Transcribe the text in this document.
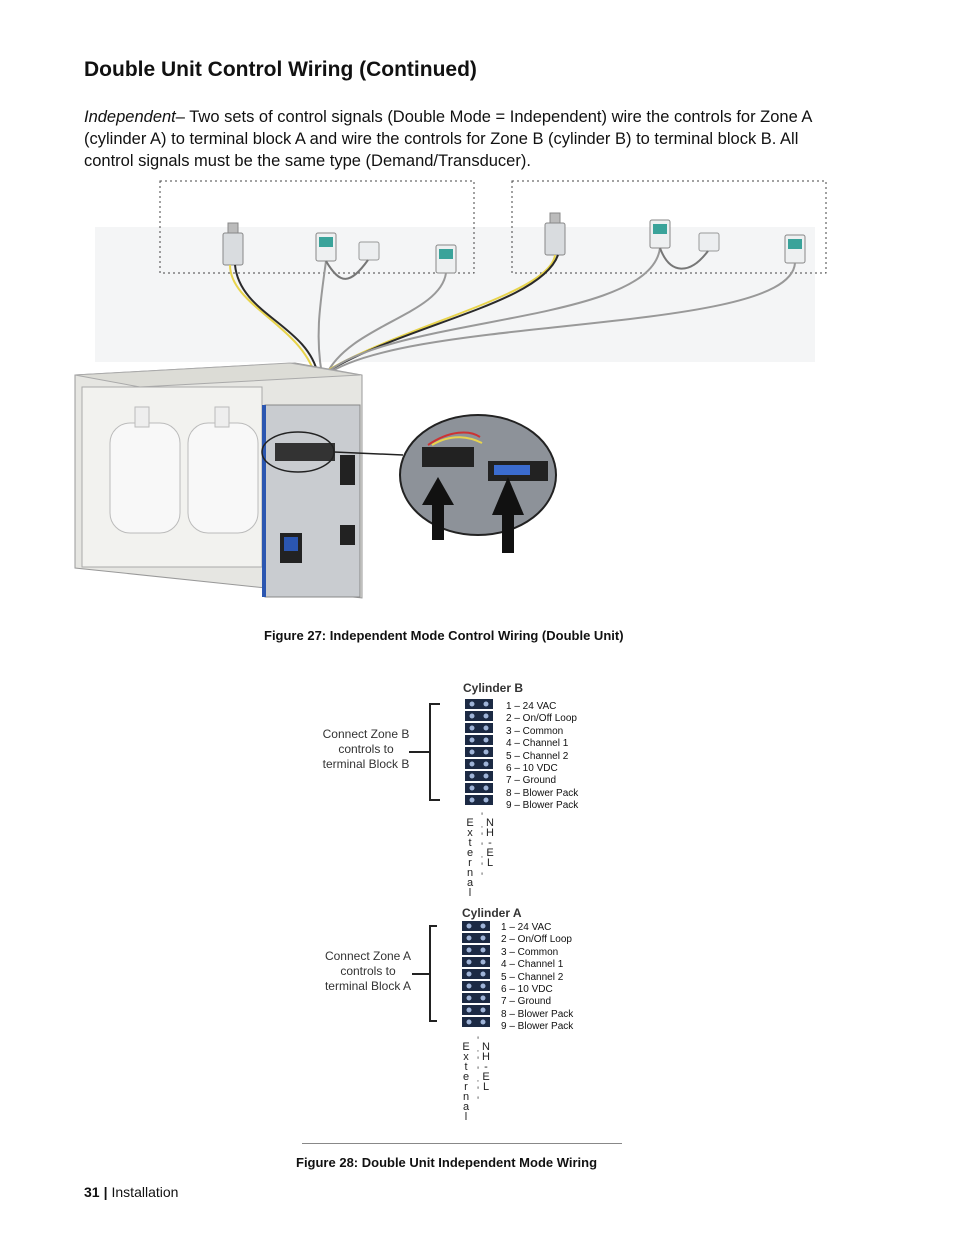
Double Unit Control Wiring (Continued)
Independent– Two sets of control signals (Double Mode = Independent) wire the controls for Zone A (cylinder A) to terminal block A and wire the controls for Zone B (cylinder B) to terminal block B. All control signals must be the same type (Demand/Transducer).
Figure 27: Independent Mode Control Wiring (Double Unit)
Cylinder B
Connect Zone B
controls to
terminal Block B
1 – 24 VAC
2 – On/Off Loop
3 – Common
4 – Channel 1
5 – Channel 2
6 – 10 VDC
7 – Ground
8 – Blower Pack
9 – Blower Pack
E
x
t
e
r
n
a
l
'
·
'
'
·
'
'
N
H
-
E
L
Cylinder A
Connect Zone A
controls to
terminal Block A
1 – 24 VAC
2 – On/Off Loop
3 – Common
4 – Channel 1
5 – Channel 2
6 – 10 VDC
7 – Ground
8 – Blower Pack
9 – Blower Pack
E
x
t
e
r
n
a
l
'
·
'
'
·
'
'
N
H
-
E
L
Figure 28: Double Unit Independent Mode Wiring
31 | Installation
